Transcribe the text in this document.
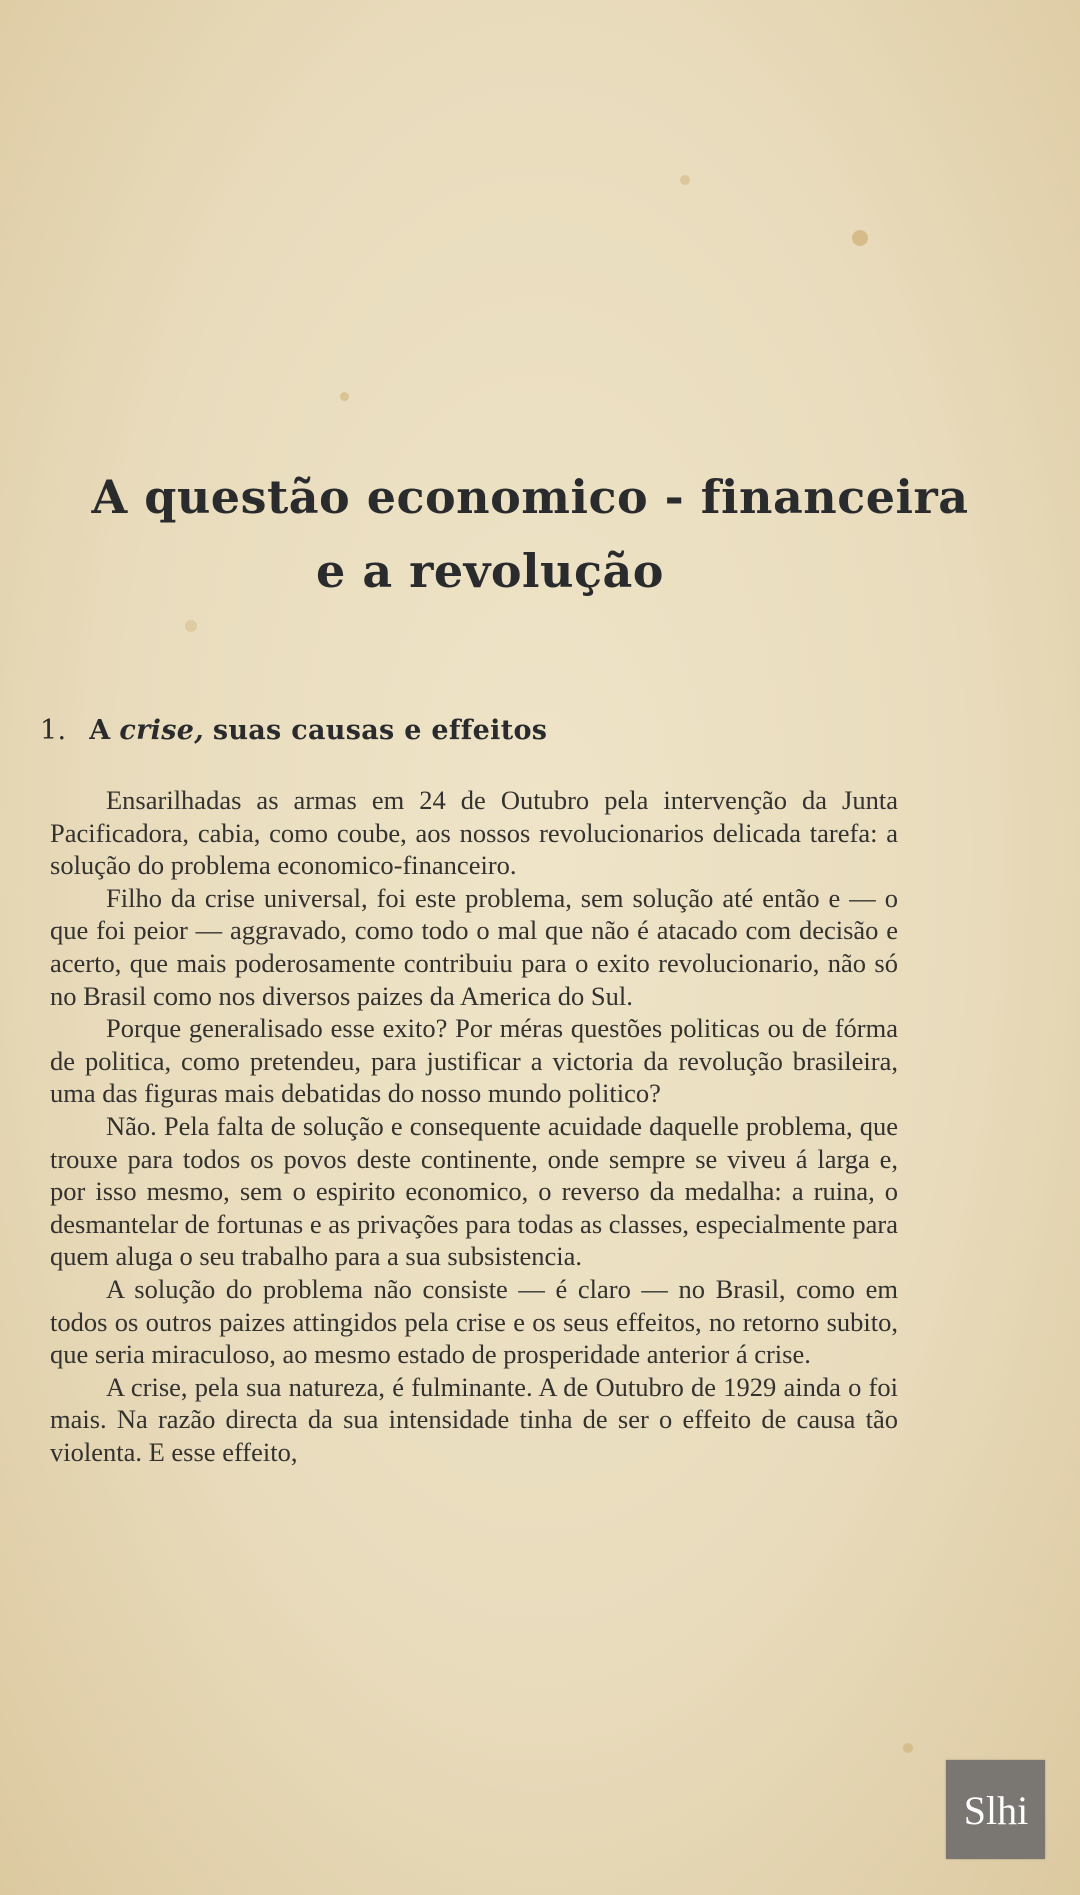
A questão economico - financeira
e a revolução
1. A crise, suas causas e effeitos

Ensarilhadas as armas em 24 de Outubro pela intervenção da Junta Pacificadora, cabia, como coube, aos nossos revolucionarios delicada tarefa: a solução do problema economico-financeiro.

Filho da crise universal, foi este problema, sem solução até então e — o que foi peior — aggravado, como todo o mal que não é atacado com decisão e acerto, que mais poderosamente contribuiu para o exito revolucionario, não só no Brasil como nos diversos paizes da America do Sul.

Porque generalisado esse exito? Por méras questões politicas ou de fórma de politica, como pretendeu, para justificar a victoria da revolução brasileira, uma das figuras mais debatidas do nosso mundo politico?

Não. Pela falta de solução e consequente acuidade daquelle problema, que trouxe para todos os povos deste continente, onde sempre se viveu á larga e, por isso mesmo, sem o espirito economico, o reverso da medalha: a ruina, o desmantelar de fortunas e as privações para todas as classes, especialmente para quem aluga o seu trabalho para a sua subsistencia.

A solução do problema não consiste — é claro — no Brasil, como em todos os outros paizes attingidos pela crise e os seus effeitos, no retorno subito, que seria miraculoso, ao mesmo estado de prosperidade anterior á crise.

A crise, pela sua natureza, é fulminante. A de Outubro de 1929 ainda o foi mais. Na razão directa da sua intensidade tinha de ser o effeito de causa tão violenta. E esse effeito,

Slhi
